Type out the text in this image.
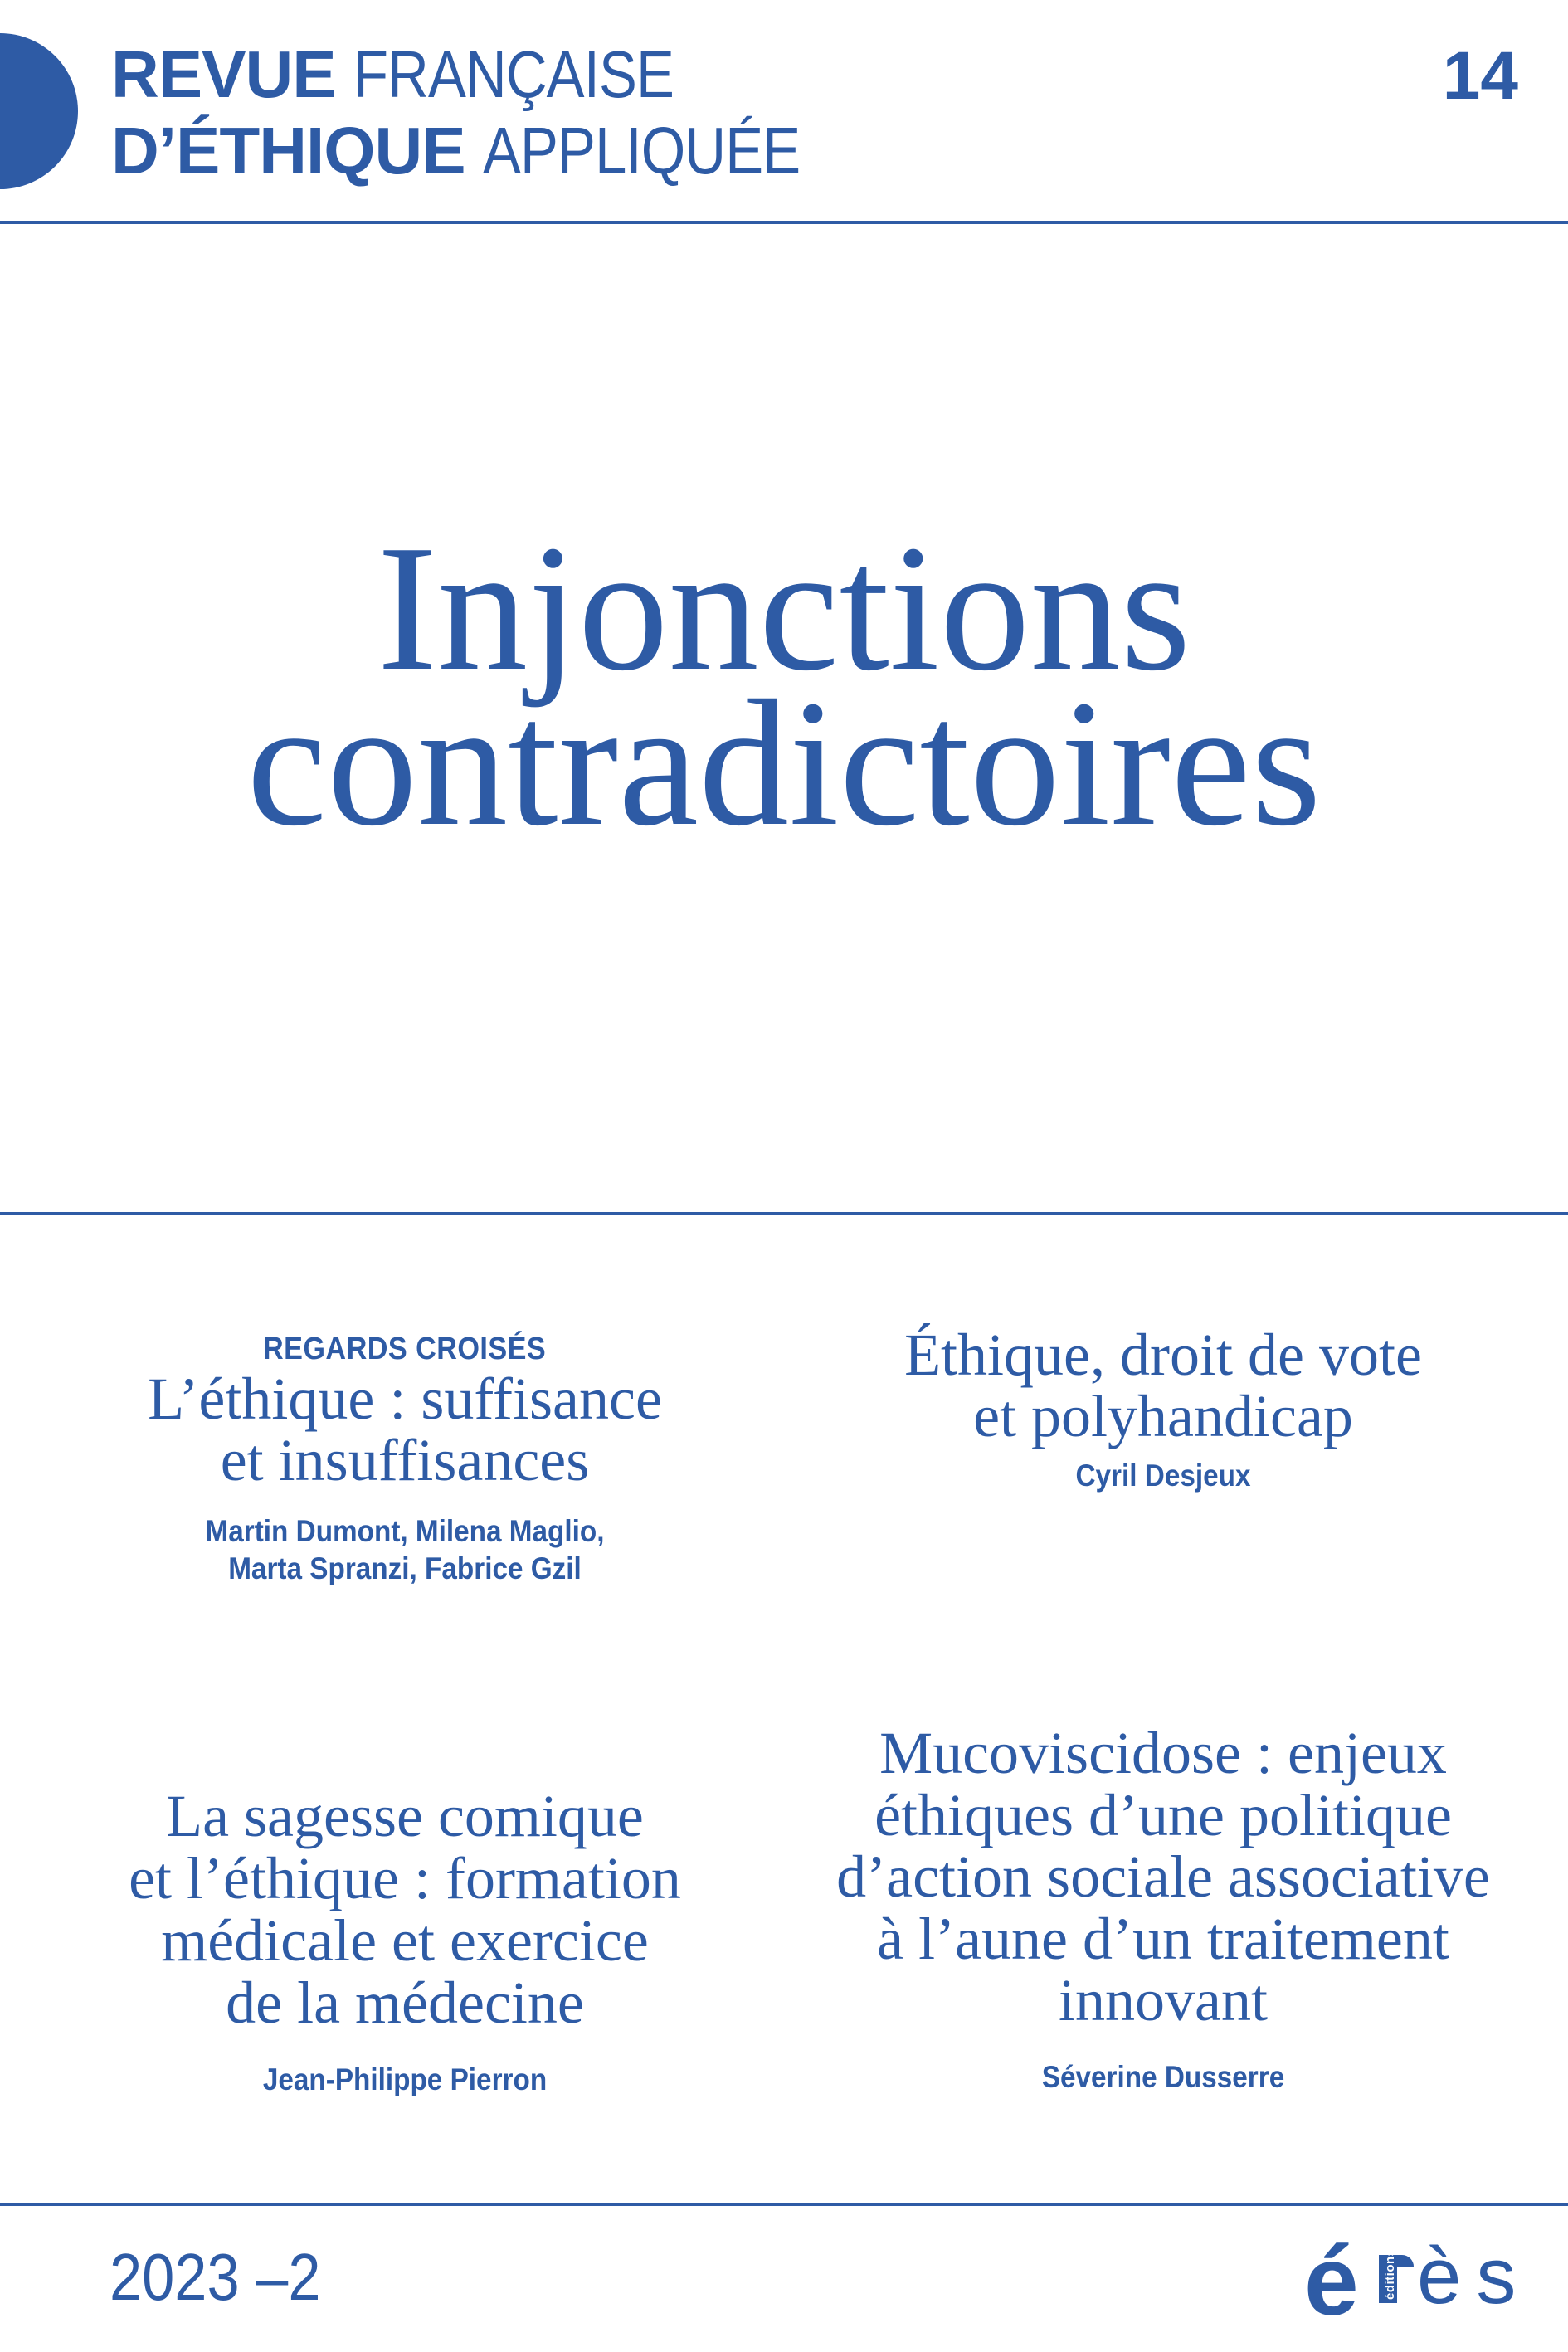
REVUE FRANÇAISE
D’ÉTHIQUE APPLIQUÉE
14
Injonctions
contradictoires
REGARDS CROISÉS
L’éthique : suffisance
et insuffisances
Martin Dumont, Milena Maglio,
Marta Spranzi, Fabrice Gzil
Éthique, droit de vote
et polyhandicap
Cyril Desjeux
La sagesse comique
et l’éthique : formation
médicale et exercice
de la médecine
Jean-Philippe Pierron
Mucoviscidose : enjeux
éthiques d’une politique
d’action sociale associative
à l’aune d’un traitement
innovant
Séverine Dusserre
2023 –2	é éditions ès
